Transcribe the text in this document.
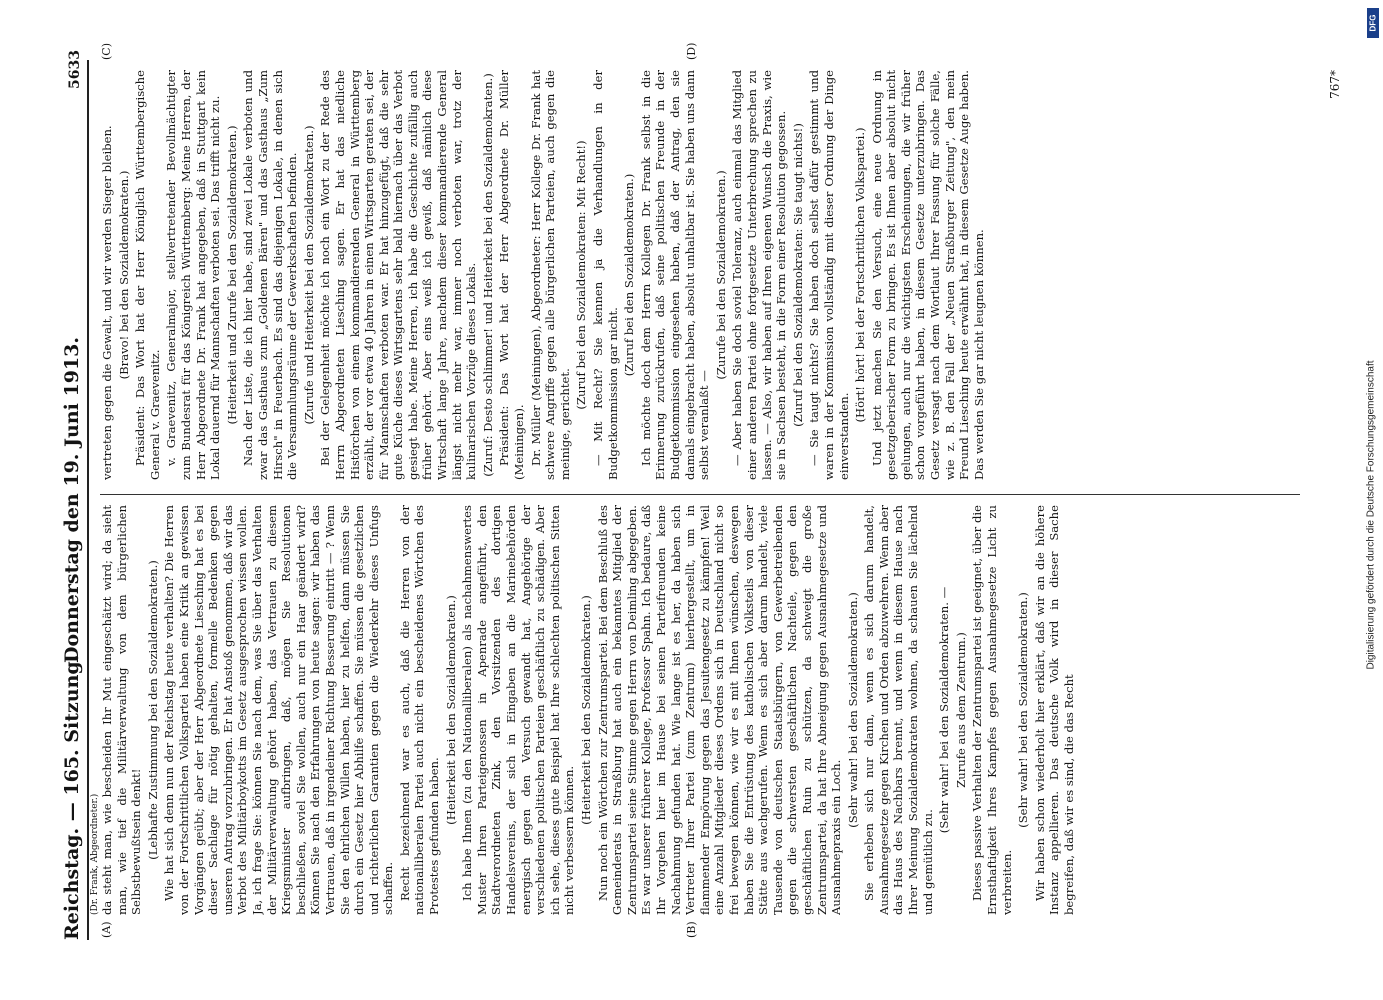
Reichstag. — 165. Sitzung.
Donnerstag den 19. Juni 1913.
5633
(A)	(B)
(C)	(D)
(Dr. Frank, Abgeordneter.) da steht man, wie bescheiden Ihr Mut eingeschätzt wird; da sieht man, wie tief die Militärverwaltung von dem bürgerlichen Selbstbewußtsein denkt! (Lebhafte Zustimmung bei den Sozialdemokraten.) Wie hat sich denn nun der Reichstag heute verhalten? Die Herren von der Fortschrittlichen Volkspartei haben eine Kritik an gewissen Vorgängen geübt; aber der Herr Abgeordnete Liesching hat es bei dieser Sachlage für nötig gehalten, formelle Bedenken gegen unseren Antrag vorzubringen. Er hat Anstoß genommen, daß wir das Verbot des Militärboykotts im Gesetz ausgesprochen wissen wollen. Ja, ich frage Sie: können Sie nach dem, was Sie über das Verhalten der Militärverwaltung gehört haben, das Vertrauen zu diesem Kriegsminister aufbringen, daß, mögen Sie Resolutionen beschließen, soviel Sie wollen, auch nur ein Haar geändert wird? Können Sie nach den Erfahrungen von heute sagen: wir haben das Vertrauen, daß in irgendeiner Richtung Besserung eintritt — ? Wenn Sie den ehrlichen Willen haben, hier zu helfen, dann müssen Sie durch ein Gesetz hier Abhilfe schaffen. Sie müssen die gesetzlichen und richterlichen Garantien gegen die Wiederkehr dieses Unfugs schaffen. Recht bezeichnend war es auch, daß die Herren von der nationalliberalen Partei auch nicht ein bescheidenes Wörtchen des Protestes gefunden haben.

(Heiterkeit bei den Sozialdemokraten.) Ich habe Ihnen (zu den Nationalliberalen) als nachahmenswertes Muster Ihren Parteigenossen in Apenrade angeführt, den Stadtverordneten Zink, den Vorsitzenden des dortigen Handelsvereins, der sich in Eingaben an die Marinebehörden energisch gegen den Versuch gewandt hat, Angehörige der verschiedenen politischen Parteien geschäftlich zu schädigen. Aber ich sehe, dieses gute Beispiel hat Ihre schlechten politischen Sitten nicht verbessern können.

(Heiterkeit bei den Sozialdemokraten.) Nun noch ein Wörtchen zur Zentrumspartei. Bei dem Beschluß des Gemeinderats in Straßburg hat auch ein bekanntes Mitglied der Zentrumspartei seine Stimme gegen Herrn von Deimling abgegeben. Es war unserer früherer Kollege, Professor Spahn. Ich bedaure, daß Ihr Vorgehen hier im Hause bei seinen Parteifreunden keine Nachahmung gefunden hat. Wie lange ist es her, da haben sich Vertreter Ihrer Partei (zum Zentrum) hierhergestellt, um in flammender Empörung gegen das Jesuitengesetz zu kämpfen! Weil eine Anzahl Mitglieder dieses Ordens sich in Deutschland nicht so frei bewegen können, wie wir es mit Ihnen wünschen, deswegen haben Sie die Entrüstung des katholischen Volksteils von dieser Stätte aus wachgerufen. Wenn es sich aber darum handelt, viele Tausende von deutschen Staatsbürgern, von Gewerbetreibenden gegen die schwersten geschäftlichen Nachteile, gegen den geschäftlichen Ruin zu schützen, da schweigt die große Zentrumspartei, da hat Ihre Abneigung gegen Ausnahmegesetze und Ausnahmepraxis ein Loch.

(Sehr wahr! bei den Sozialdemokraten.) Sie erheben sich nur dann, wenn es sich darum handelt, Ausnahmegesetze gegen Kirchen und Orden abzuwehren. Wenn aber das Haus des Nachbars brennt, und wenn in diesem Hause nach Ihrer Meinung Sozialdemokraten wohnen, da schauen Sie lächelnd und gemütlich zu.

(Sehr wahr! bei den Sozialdemokraten. — Zurufe aus dem Zentrum.) Dieses passive Verhalten der Zentrumspartei ist geeignet, über die Ernsthaftigkeit Ihres Kampfes gegen Ausnahmegesetze Licht zu verbreiten.

(Sehr wahr! bei den Sozialdemokraten.) Wir haben schon wiederholt hier erklärt, daß wir an die höhere Instanz appellieren. Das deutsche Volk wird in dieser Sache begreifen, daß wir es sind, die das Recht

vertreten gegen die Gewalt, und wir werden Sieger bleiben. (Bravo! bei den Sozialdemokraten.) Präsident: Das Wort hat der Herr Königlich Württembergische General v. Graevenitz. v. Graevenitz, Generalmajor, stellvertretender Bevollmächtigter zum Bundesrat für das Königreich Württemberg: Meine Herren, der Herr Abgeordnete Dr. Frank hat angegeben, daß in Stuttgart kein Lokal dauernd für Mannschaften verboten sei. Das trifft nicht zu. (Heiterkeit und Zurufe bei den Sozialdemokraten.) Nach der Liste, die ich hier habe, sind zwei Lokale verboten und zwar das Gasthaus zum „Goldenen Bären" und das Gasthaus „Zum Hirsch" in Feuerbach. Es sind das diejenigen Lokale, in denen sich die Versammlungsräume der Gewerkschaften befinden. (Zurufe und Heiterkeit bei den Sozialdemokraten.) Bei der Gelegenheit möchte ich noch ein Wort zu der Rede des Herrn Abgeordneten Liesching sagen. Er hat das niedliche Histörchen von einem kommandierenden General in Württemberg erzählt, der vor etwa 40 Jahren in einen Wirtsgarten geraten sei, der für Mannschaften verboten war. Er hat hinzugefügt, daß die sehr gute Küche dieses Wirtsgartens sehr bald hiernach über das Verbot gesiegt habe. Meine Herren, ich habe die Geschichte zufällig auch früher gehört. Aber eins weiß ich gewiß, daß nämlich diese Wirtschaft lange Jahre, nachdem dieser kommandierende General längst nicht mehr war, immer noch verboten war, trotz der kulinarischen Vorzüge dieses Lokals. (Zuruf: Desto schlimmer! und Heiterkeit bei den Sozialdemokraten.) Präsident: Das Wort hat der Herr Abgeordnete Dr. Müller (Meiningen). Dr. Müller (Meiningen), Abgeordneter: Herr Kollege Dr. Frank hat schwere Angriffe gegen alle bürgerlichen Parteien, auch gegen die meinige, gerichtet.

(Zuruf bei den Sozialdemokraten: Mit Recht!) — Mit Recht? Sie kennen ja die Verhandlungen in der Budgetkommission gar nicht.

(Zuruf bei den Sozialdemokraten.) Ich möchte doch dem Herrn Kollegen Dr. Frank selbst in die Erinnerung zurückrufen, daß seine politischen Freunde in der Budgetkommission eingesehen haben, daß der Antrag, den sie damals eingebracht haben, absolut unhaltbar ist. Sie haben uns dann selbst veranlaßt —

(Zurufe bei den Sozialdemokraten.) — Aber haben Sie doch soviel Toleranz, auch einmal das Mitglied einer anderen Partei ohne fortgesetzte Unterbrechung sprechen zu lassen. — Also, wir haben auf Ihren eigenen Wunsch die Praxis, wie sie in Sachsen besteht, in die Form einer Resolution gegossen. (Zuruf bei den Sozialdemokraten: Sie taugt nichts!) — Sie taugt nichts? Sie haben doch selbst dafür gestimmt und waren in der Kommission vollständig mit dieser Ordnung der Dinge einverstanden.

(Hört! hört! bei der Fortschrittlichen Volkspartei.) Und jetzt machen Sie den Versuch, eine neue Ordnung in gesetzgeberischer Form zu bringen. Es ist Ihnen aber absolut nicht gelungen, auch nur die wichtigsten Erscheinungen, die wir früher schon vorgeführt haben, in diesem Gesetze unterzubringen. Das Gesetz versagt nach dem Wortlaut Ihrer Fassung für solche Fälle, wie z. B. den Fall der „Neuen Straßburger Zeitung", den mein Freund Liesching heute erwähnt hat, in diesem Gesetze Auge haben. Das werden Sie gar nicht leugnen können.

767*
DFG
Digitalisierung gefördert durch die Deutsche Forschungsgemeinschaft
